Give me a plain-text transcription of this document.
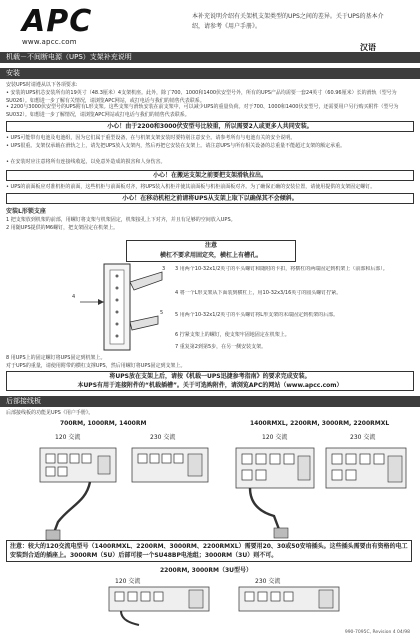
APC
www.apcc.com
本补充说明介绍有关架机支架类型的UPS之间的差异。关于UPS的基本介绍，请参考《用户手册》。
汉语
机载－不间断电源（UPS）支架补充说明
安装
安装UPS时请遵从以下各项要求:
• 安装的UPS机芯安装所有的19英寸（48.3厘米）4支架机座。此外，除了700、1000和1400伏安型号外，所有的UPS产品均需要一套24英寸（60.96厘米）长的滑轨（型号为SU026）。如想进一步了解有关情况，请浏览APC网站，或打电话与我们的销售代表联系。
• 2200与3000伏安型号的UPS附有L形支架。这些支架与滑轨安装在前支架中，可以减少UPS的重量负荷。对于700、1000和1400伏安型号，还需要用户另行购买附件（型号为SU032）。如想进一步了解情况，请浏览APC网站或打电话与我们的销售代表联系。
小心！由于2200和3000伏安型号比较重，所以需要2人或更多人共同安装。
• UPS可能带有电池及电池组，因为它们属于重型设备，在与机架支架安装时要特别注意安全。请参考所有与电池有关的安全说明。
• UPS很重。支架仅承载在滑轨之上，请先把UPS放入支架内，然后再把它安装在支架上。请注意UPS与所有相关设备的总重量不能超过支架的额定承重。
• 在安装时应注意将所有连接线收起，以免意外造成的损害和人身伤害。
小心！在搬运支架之前要把支架滑轨拉出。
• UPS的前面板应对准机柜的前面，这些机柜与前面板对齐，将UPS装入机柜并使其前面板与机柜前面板对齐。为了确保正确的安装位置，请使用提供的支架固定螺钉。
小心！在移动机柜之前请将UPS从支架上取下以确保其不会倾斜。
安装L形锁支座
1 把支架放到机架的前部，用螺钉将支架与机架固定，机架接孔上下对齐，并且有足够的空间放入UPS。
2 用随UPS提供的M6螺钉，把支架固定在机架上。
注意
横杠不要求用固定夹，横杠上有槽孔。
4
3
5
3 用两个10-32x1/2英寸的平头螺钉和随附的卡扣，将横杠的两端固定到机架上（前部和后部）。
4 将一个L形支架从下面装到横杠上，用10-32x3/16英寸的圆头螺钉拧紧。
5 用两个10-32x1/2英寸的平头螺钉将L形支架的末端固定到机架的后部。
6 拧紧支架上的螺钉，使支架牢固地固定在机架上。
7 重复第2到第5步，在另一侧安装支架。
8 用UPS上的固定螺钉将UPS固定到机架上。
对于UPS的重量，请使用附带的横杠支撑UPS，然后用螺钉将UPS固定到支架上。
将UPS放在支架上后，请按《机载一UPS迅捷参考指南》的要求完成安装。
本UPS有用于连接附件的“机载插槽”。关于可选购附件，请浏览APC的网站（www.apcc.com）
后部接线板
后部接线板的功能见UPS《用户手册》。
700RM, 1000RM, 1400RM	1400RMXL, 2200RM, 3000RM, 2200RMXL
120 交流	230 交流	120 交流	230 交流
注意：较大的120交流电型号（1400RMXL、2200RM、3000RM、2200RMXL）需要用20、30或50安培插头。这些插头需要由有资格的电工安装到合适的插座上。3000RM（5U）后部可接一个SU48BP电池组；3000RM（3U）则不可。
2200RM, 3000RM（3U型号）
120 交流	230 交流
990-7095C, Revision 4 04/98
